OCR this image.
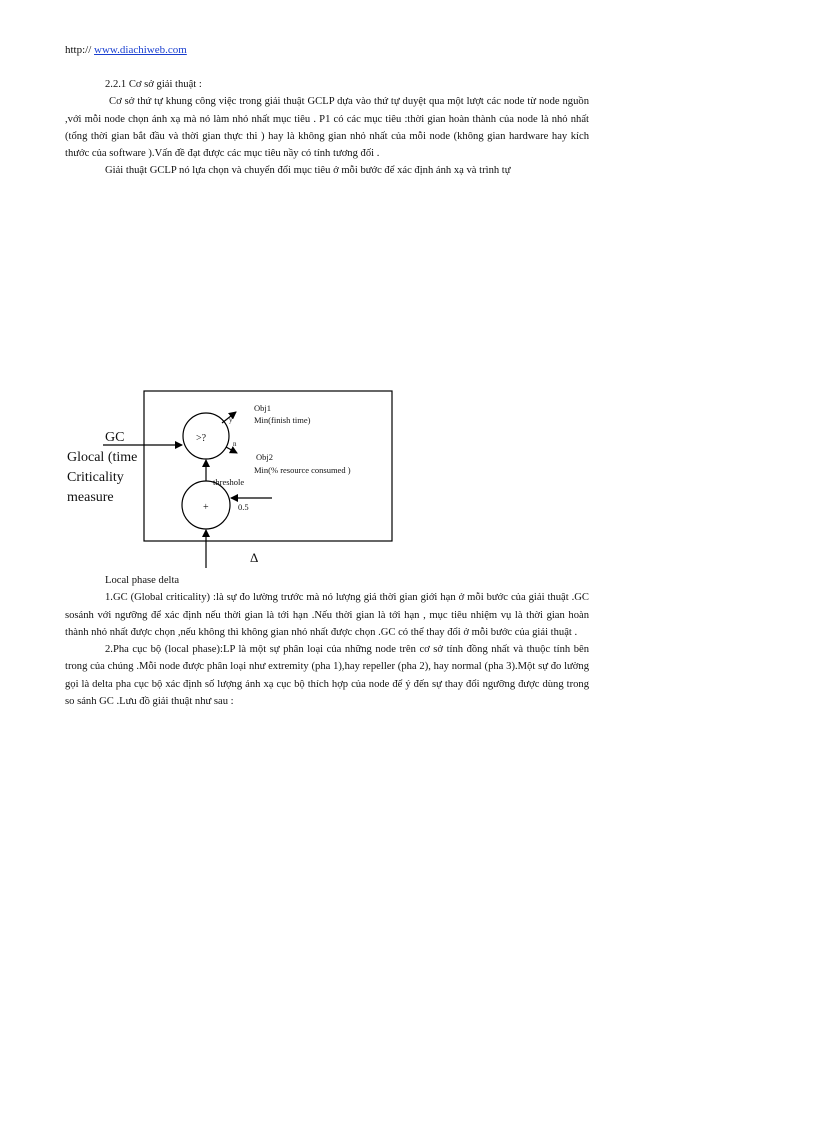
http:// www.diachiweb.com

2.2.1 Cơ sở giải thuật :

Cơ sở thứ tự khung công việc trong giải thuật GCLP dựa vào thứ tự duyệt qua một lượt các node từ node nguồn ,với mỗi node chọn ánh xạ mà nó làm nhỏ nhất mục tiêu . P1 có các mục tiêu :thời gian hoàn thành của node là nhỏ nhất (tổng thời gian bắt đầu và thời gian thực thi ) hay là không gian nhỏ nhất của mỗi node (không gian hardware hay kích thước của software ).Vấn đề đạt được các mục tiêu nầy có tính tương đối .

Giải thuật GCLP nó lựa chọn và chuyển đổi mục tiêu ở mỗi bước để xác định ánh xạ và trình tự

GC
Glocal (time
Criticality
measure
>?
+
y
n
Obj1
Min(finish time)
Obj2
Min(% resource consumed )
threshole
0.5
Δ

Local phase delta

1.GC (Global criticality) :là sự đo lường trước mà nó lượng giá thời gian giới hạn ở mỗi bước của giải thuật .GC sosánh với ngưỡng để xác định nếu thời gian là tới hạn .Nếu thời gian là tới hạn , mục tiêu nhiệm vụ là thời gian hoàn thành nhỏ nhất được chọn ,nếu không thì không gian nhỏ nhất được chọn .GC có thể thay đổi ở mỗi bước của giải thuật .

2.Pha cục bộ (local phase):LP là một sự phân loại của những node trên cơ sở tính đồng nhất và thuộc tính bên trong của chúng .Mỗi node được phân loại như extremity (pha 1),hay repeller (pha 2), hay normal (pha 3).Một sự đo lường gọi là delta pha cục bộ xác định số lượng ánh xạ cục bộ thích hợp của node để ý đến sự thay đổi ngưỡng được dùng trong so sánh GC .Lưu đồ giải thuật như sau :
